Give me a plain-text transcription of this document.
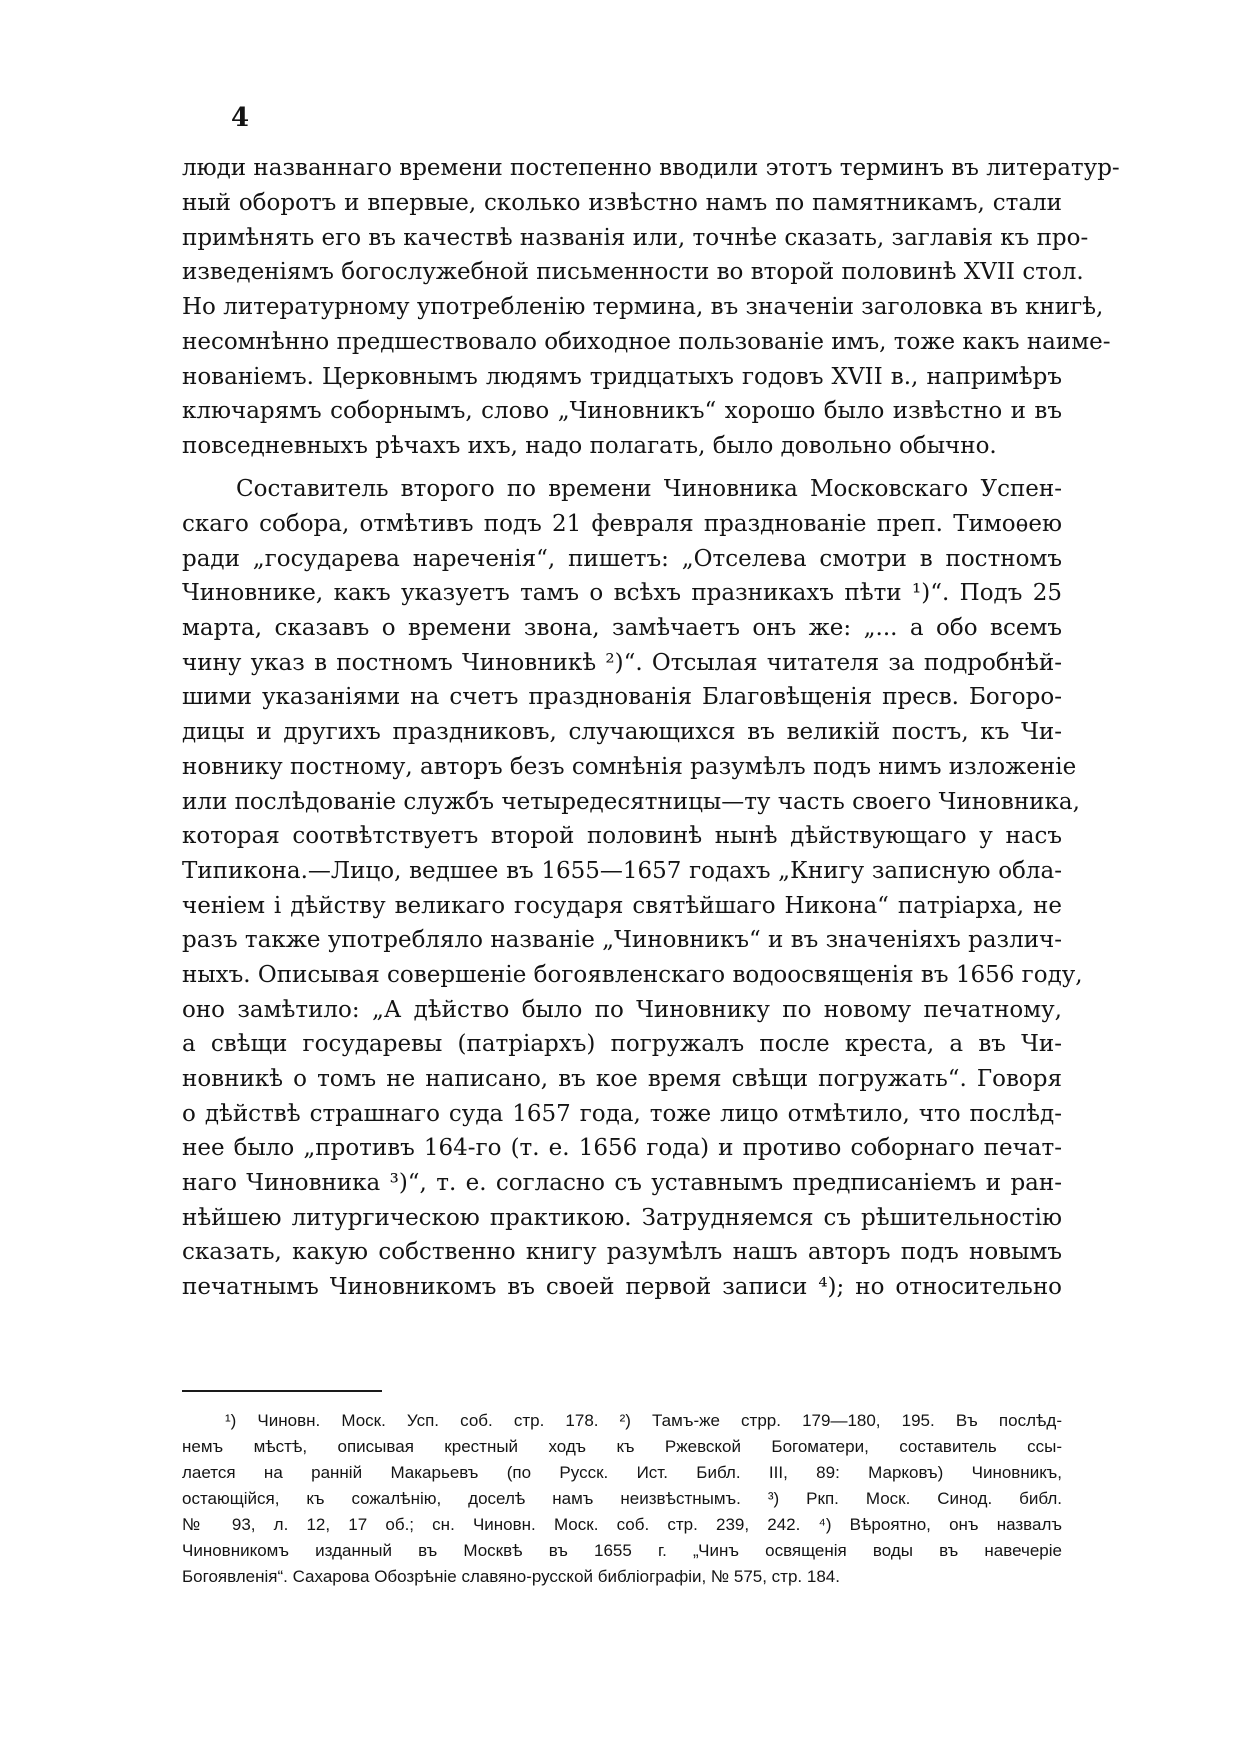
4
люди названнаго времени постепенно вводили этотъ терминъ въ литератур-
ный оборотъ и впервые, сколько извѣстно намъ по памятникамъ, стали
примѣнять его въ качествѣ названія или, точнѣе сказать, заглавія къ про-
изведеніямъ богослужебной письменности во второй половинѣ XVII стол.
Но литературному употребленію термина, въ значеніи заголовка въ книгѣ,
несомнѣнно предшествовало обиходное пользованіе имъ, тоже какъ наиме-
нованіемъ. Церковнымъ людямъ тридцатыхъ годовъ XVII в., напримѣръ
ключарямъ соборнымъ, слово „Чиновникъ“ хорошо было извѣстно и въ
повседневныхъ рѣчахъ ихъ, надо полагать, было довольно обычно.
Составитель второго по времени Чиновника Московскаго Успен-
скаго собора, отмѣтивъ подъ 21 февраля празднованіе преп. Тимоѳею
ради „государева нареченія“, пишетъ: „Отселева смотри в постномъ
Чиновнике, какъ указуетъ тамъ о всѣхъ празникахъ пѣти ¹)“. Подъ 25
марта, сказавъ о времени звона, замѣчаетъ онъ же: „... а обо всемъ
чину указ в постномъ Чиновникѣ ²)“. Отсылая читателя за подробнѣй-
шими указаніями на счетъ празднованія Благовѣщенія пресв. Богоро-
дицы и другихъ праздниковъ, случающихся въ великій постъ, къ Чи-
новнику постному, авторъ безъ сомнѣнія разумѣлъ подъ нимъ изложеніе
или послѣдованіе службъ четыредесятницы—ту часть своего Чиновника,
которая соотвѣтствуетъ второй половинѣ нынѣ дѣйствующаго у насъ
Типикона.—Лицо, ведшее въ 1655—1657 годахъ „Книгу записную обла-
ченіем і дѣйству великаго государя святѣйшаго Никона“ патріарха, не
разъ также употребляло названіе „Чиновникъ“ и въ значеніяхъ различ-
ныхъ. Описывая совершеніе богоявленскаго водоосвященія въ 1656 году,
оно замѣтило: „А дѣйство было по Чиновнику по новому печатному,
а свѣщи государевы (патріархъ) погружалъ после креста, а въ Чи-
новникѣ о томъ не написано, въ кое время свѣщи погружать“. Говоря
о дѣйствѣ страшнаго суда 1657 года, тоже лицо отмѣтило, что послѣд-
нее было „противъ 164-го (т. е. 1656 года) и противо соборнаго печат-
наго Чиновника ³)“, т. е. согласно съ уставнымъ предписаніемъ и ран-
нѣйшею литургическою практикою. Затрудняемся съ рѣшительностію
сказать, какую собственно книгу разумѣлъ нашъ авторъ подъ новымъ
печатнымъ Чиновникомъ въ своей первой записи ⁴); но относительно
¹) Чиновн. Моск. Усп. соб. стр. 178. ²) Тамъ-же стрр. 179—180, 195. Въ послѣд-
немъ мѣстѣ, описывая крестный ходъ къ Ржевской Богоматери, составитель ссы-
лается на ранній Макарьевъ (по Русск. Ист. Библ. III, 89: Марковъ) Чиновникъ,
остающійся, къ сожалѣнію, доселѣ намъ неизвѣстнымъ. ³) Ркп. Моск. Синод. библ.
№ 93, л. 12, 17 об.; сн. Чиновн. Моск. соб. стр. 239, 242. ⁴) Вѣроятно, онъ назвалъ
Чиновникомъ изданный въ Москвѣ въ 1655 г. „Чинъ освященія воды въ навечеріе
Богоявленія“. Сахарова Обозрѣніе славяно-русской библіографіи, № 575, стр. 184.
